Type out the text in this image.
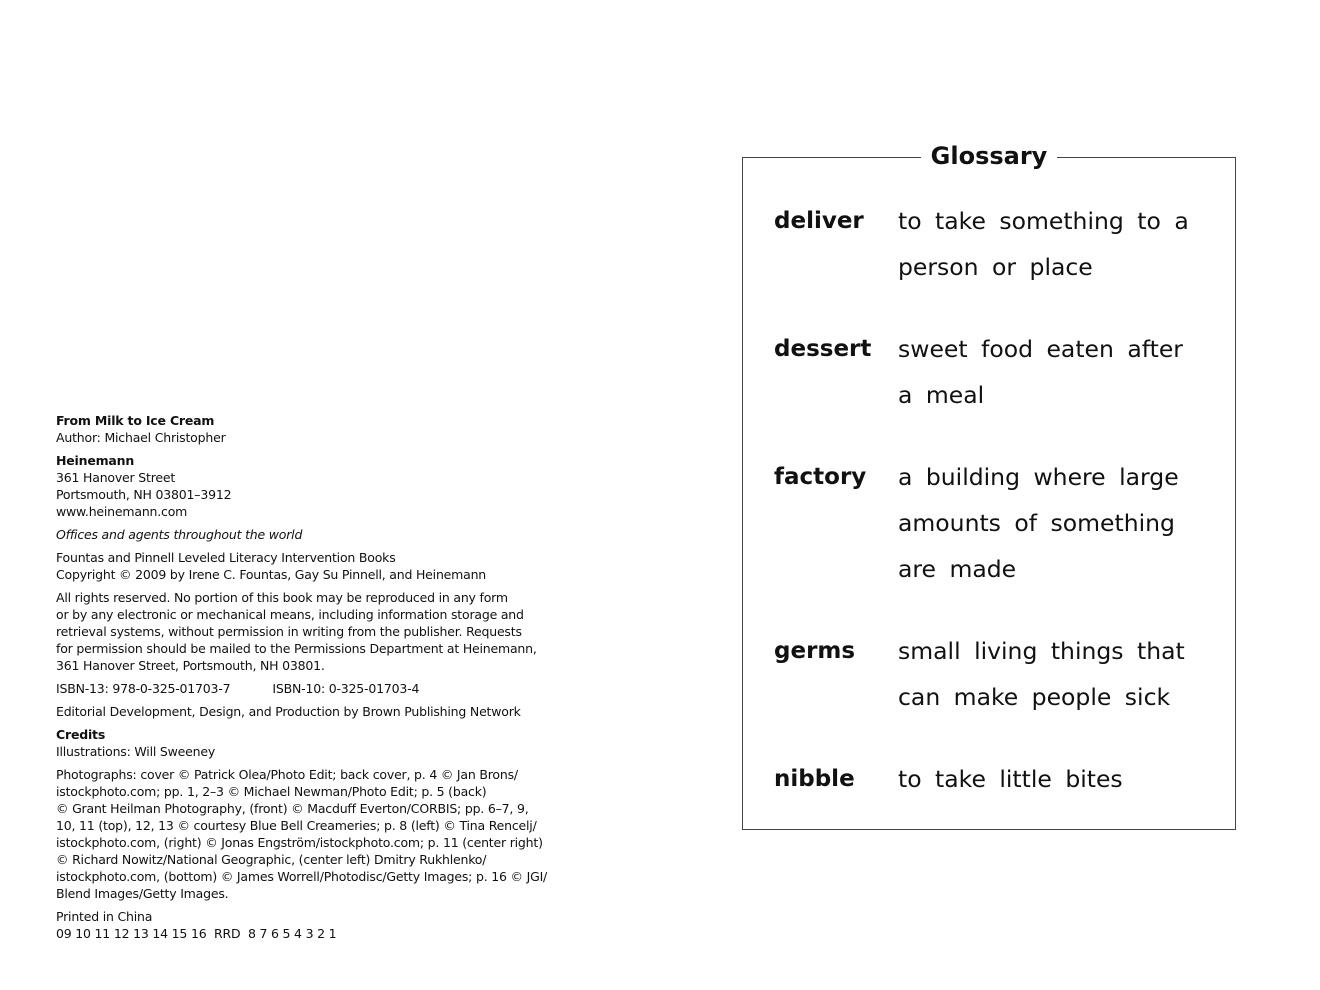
From Milk to Ice Cream
Author: Michael Christopher
Heinemann
361 Hanover Street
Portsmouth, NH 03801–3912
www.heinemann.com
Offices and agents throughout the world
Fountas and Pinnell Leveled Literacy Intervention Books
Copyright © 2009 by Irene C. Fountas, Gay Su Pinnell, and Heinemann
All rights reserved. No portion of this book may be reproduced in any form
or by any electronic or mechanical means, including information storage and
retrieval systems, without permission in writing from the publisher. Requests
for permission should be mailed to the Permissions Department at Heinemann,
361 Hanover Street, Portsmouth, NH 03801.
ISBN-13: 978-0-325-01703-7	ISBN-10: 0-325-01703-4
Editorial Development, Design, and Production by Brown Publishing Network
Credits
Illustrations: Will Sweeney
Photographs: cover © Patrick Olea/Photo Edit; back cover, p. 4 © Jan Brons/
istockphoto.com; pp. 1, 2–3 © Michael Newman/Photo Edit; p. 5 (back)
© Grant Heilman Photography, (front) © Macduff Everton/CORBIS; pp. 6–7, 9,
10, 11 (top), 12, 13 © courtesy Blue Bell Creameries; p. 8 (left) © Tina Rencelj/
istockphoto.com, (right) © Jonas Engström/istockphoto.com; p. 11 (center right)
© Richard Nowitz/National Geographic, (center left) Dmitry Rukhlenko/
istockphoto.com, (bottom) © James Worrell/Photodisc/Getty Images; p. 16 © JGI/
Blend Images/Getty Images.
Printed in China
09 10 11 12 13 14 15 16  RRD  8 7 6 5 4 3 2 1
Glossary
deliver to take something to a
person or place
dessert sweet food eaten after
a meal
factory a building where large
amounts of something
are made
germs small living things that
can make people sick
nibble to take little bites
